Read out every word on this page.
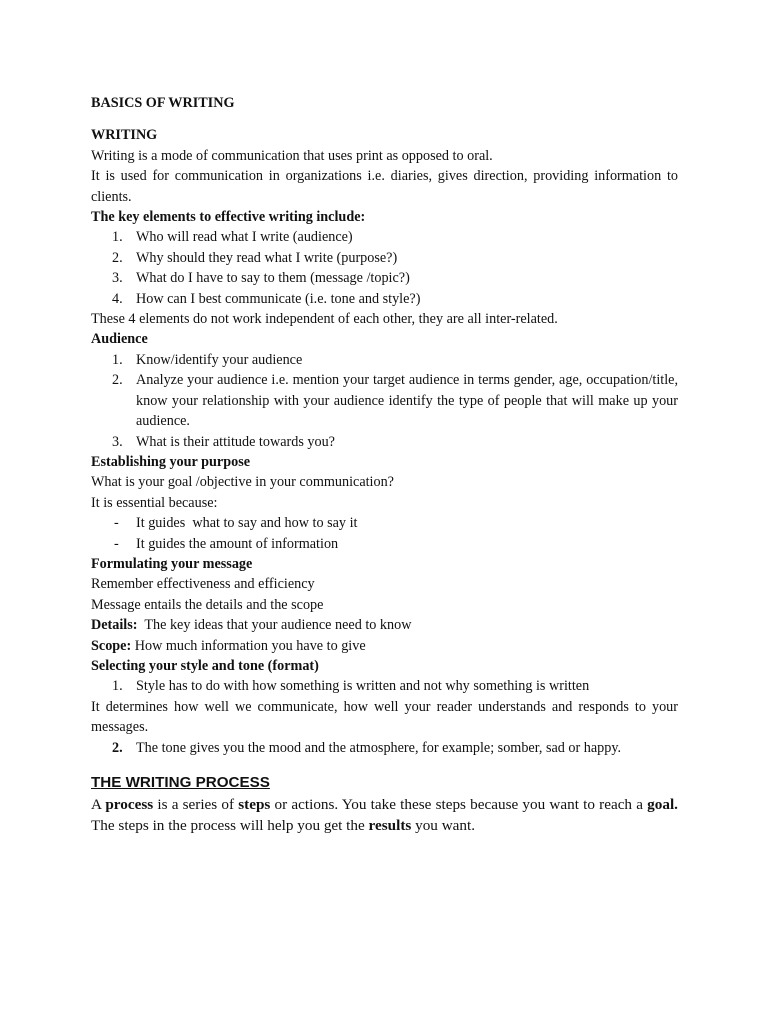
BASICS OF WRITING

WRITING

Writing is a mode of communication that uses print as opposed to oral.

It is used for communication in organizations i.e. diaries, gives direction, providing information to clients.

The key elements to effective writing include:

1. Who will read what I write (audience)
2. Why should they read what I write (purpose?)
3. What do I have to say to them (message /topic?)
4. How can I best communicate (i.e. tone and style?)

These 4 elements do not work independent of each other, they are all inter-related.

Audience

1. Know/identify your audience
2. Analyze your audience i.e. mention your target audience in terms gender, age, occupation/title, know your relationship with your audience identify the type of people that will make up your audience.
3. What is their attitude towards you?

Establishing your purpose

What is your goal /objective in your communication?

It is essential because:

- It guides  what to say and how to say it
- It guides the amount of information

Formulating your message

Remember effectiveness and efficiency

Message entails the details and the scope

Details:  The key ideas that your audience need to know

Scope: How much information you have to give

Selecting your style and tone (format)

1. Style has to do with how something is written and not why something is written

It determines how well we communicate, how well your reader understands and responds to your messages.

2. The tone gives you the mood and the atmosphere, for example; somber, sad or happy.
THE WRITING PROCESS

A process is a series of steps or actions. You take these steps because you want to reach a goal. The steps in the process will help you get the results you want.
